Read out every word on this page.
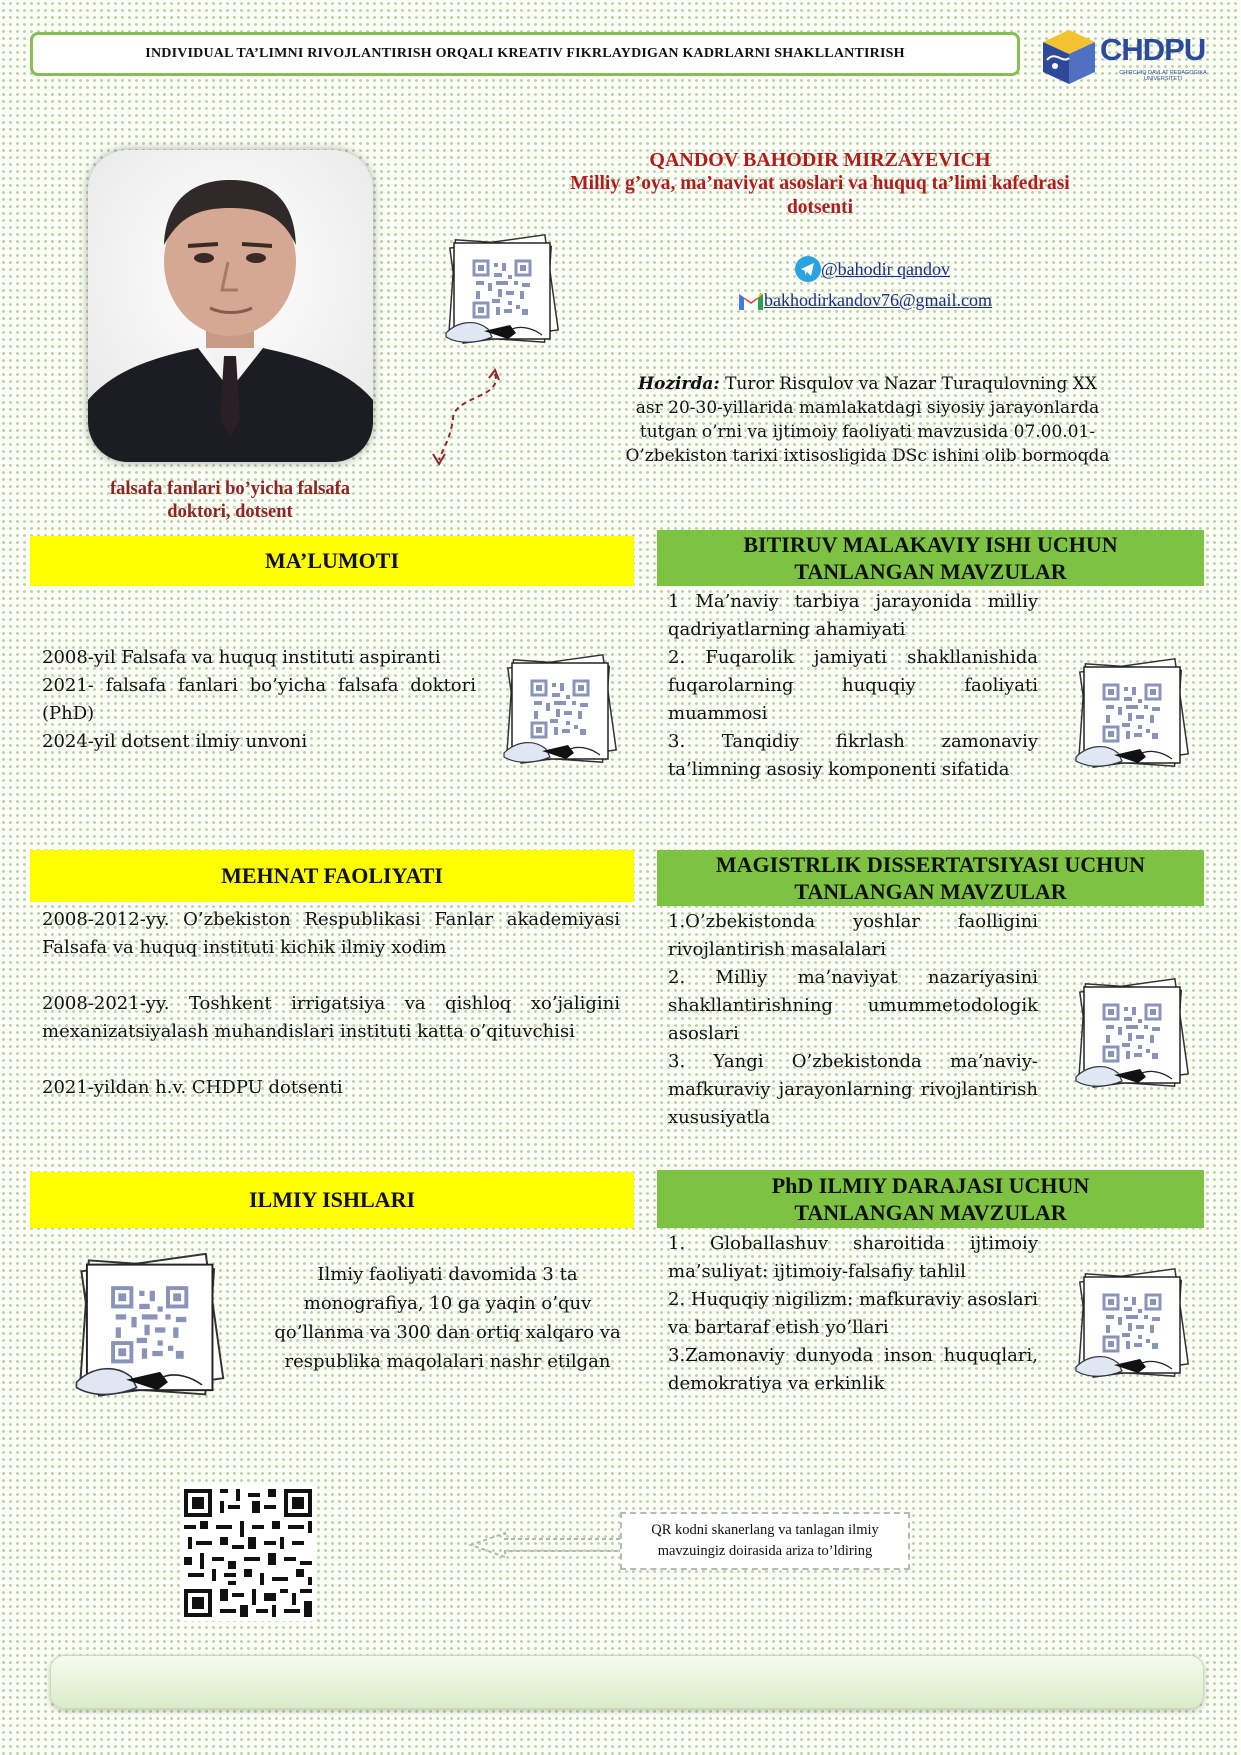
INDIVIDUAL TA’LIMNI RIVOJLANTIRISH ORQALI KREATIV FIKRLAYDIGAN KADRLARNI SHAKLLANTIRISH	CHDPU
CHIRCHIQ DAVLAT PEDAGOGIKA UNIVERSITETI
falsafa fanlari bo’yicha falsafa
doktori, dotsent
QANDOV BAHODIR MIRZAYEVICH
Milliy g’oya, ma’naviyat asoslari va huquq ta’limi kafedrasi
dotsenti
@bahodir qandov
bakhodirkandov76@gmail.com
Hozirda: Turor Risqulov va Nazar Turaqulovning XX
asr 20-30-yillarida mamlakatdagi siyosiy jarayonlarda
tutgan o’rni va ijtimoiy faoliyati mavzusida 07.00.01-
O’zbekiston tarixi ixtisosligida DSc ishini olib bormoqda
MA’LUMOTI
2008-yil Falsafa va huquq instituti aspiranti
2021- falsafa fanlari bo’yicha falsafa doktori (PhD)
2024-yil dotsent ilmiy unvoni
MEHNAT FAOLIYATI
2008-2012-yy. O’zbekiston Respublikasi Fanlar akademiyasi Falsafa va huquq instituti kichik ilmiy xodim
2008-2021-yy. Toshkent irrigatsiya va qishloq xo’jaligini mexanizatsiyalash muhandislari instituti katta o’qituvchisi
2021-yildan h.v. CHDPU dotsenti
ILMIY ISHLARI
Ilmiy faoliyati davomida 3 ta monografiya, 10 ga yaqin o’quv qo’llanma va 300 dan ortiq xalqaro va respublika maqolalari nashr etilgan
BITIRUV MALAKAVIY ISHI UCHUN
TANLANGAN MAVZULAR
1 Ma’naviy tarbiya jarayonida milliy qadriyatlarning ahamiyati
2. Fuqarolik jamiyati shakllanishida fuqarolarning huquqiy faoliyati muammosi
3. Tanqidiy fikrlash zamonaviy ta’limning asosiy komponenti sifatida
MAGISTRLIK DISSERTATSIYASI UCHUN
TANLANGAN MAVZULAR
1.O’zbekistonda yoshlar faolligini rivojlantirish masalalari
2. Milliy ma’naviyat nazariyasini shakllantirishning umummetodologik asoslari
3. Yangi O’zbekistonda ma’naviy-mafkuraviy jarayonlarning rivojlantirish xususiyatla
PhD ILMIY DARAJASI UCHUN
TANLANGAN MAVZULAR
1. Globallashuv sharoitida ijtimoiy ma’suliyat: ijtimoiy-falsafiy tahlil
2. Huquqiy nigilizm: mafkuraviy asoslari va bartaraf etish yo’llari
3.Zamonaviy dunyoda inson huquqlari, demokratiya va erkinlik
QR kodni skanerlang va tanlagan ilmiy
mavzuingiz doirasida ariza to’ldiring
